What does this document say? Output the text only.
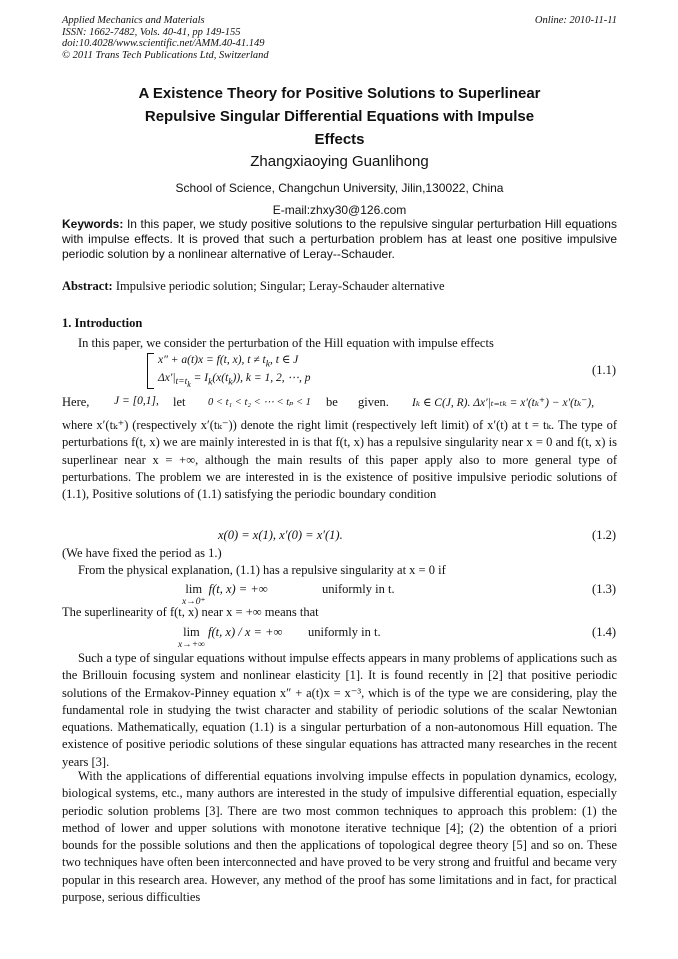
Applied Mechanics and Materials
ISSN: 1662-7482, Vols. 40-41, pp 149-155
doi:10.4028/www.scientific.net/AMM.40-41.149
© 2011 Trans Tech Publications Ltd, Switzerland
Online: 2010-11-11
A Existence Theory for Positive Solutions to Superlinear
Repulsive Singular Differential Equations with Impulse
Effects
Zhangxiaoying Guanlihong
School of Science, Changchun University, Jilin,130022, China
E-mail:zhxy30@126.com
Keywords: In this paper, we study positive solutions to the repulsive singular perturbation Hill equations with impulse effects. It is proved that such a perturbation problem has at least one positive impulsive periodic solution by a nonlinear alternative of Leray--Schauder.
Abstract: Impulsive periodic solution; Singular; Leray-Schauder alternative
1. Introduction
In this paper, we consider the perturbation of the Hill equation with impulse effects
x″ + a(t)x = f(t, x), $t \ne t_k$, t ∈ J
$\Delta x'|_{t=t_k} = I_k(x(t_k))$, k = 1, 2, ⋯, p
(1.1)
Here, J = [0,1], let 0 < t₁ < t₂ < ⋯ < tₚ < 1 be given. Iₖ ∈ C(J, R). Δx′|ₜ₌ₜₖ = x′(tₖ⁺) − x′(tₖ⁻),
where x′(tₖ⁺) (respectively x′(tₖ⁻)) denote the right limit (respectively left limit) of x′(t) at t = tₖ. The type of perturbations f(t, x) we are mainly interested in is that f(t, x) has a repulsive singularity near x = 0 and f(t, x) is superlinear near x = +∞, although the main results of this paper apply also to more general type of perturbations. The problem we are interested in is the existence of positive impulsive periodic solutions of (1.1), Positive solutions of (1.1) satisfying the periodic boundary condition
x(0) = x(1), x′(0) = x′(1).	(1.2)
(We have fixed the period as 1.)
From the physical explanation, (1.1) has a repulsive singularity at x = 0 if
lim
$^{x\to 0^+}$ f(t, x) = +∞	uniformly in t.	(1.3)
The superlinearity of f(t, x) near x = +∞ means that
lim
$^{x\to+\infty}$ f(t, x) / x = +∞ uniformly in t.	(1.4)
Such a type of singular equations without impulse effects appears in many problems of applications such as the Brillouin focusing system and nonlinear elasticity [1]. It is found recently in [2] that positive periodic solutions of the Ermakov-Pinney equation x″ + a(t)x = x⁻³, which is of the type we are considering, play the fundamental role in studying the twist character and stability of periodic solutions of the scalar Newtonian equations. Mathematically, equation (1.1) is a singular perturbation of a non-autonomous Hill equation. The existence of positive periodic solutions of these singular equations has attracted many researches in the recent years [3].
With the applications of differential equations involving impulse effects in population dynamics, ecology, biological systems, etc., many authors are interested in the study of impulsive differential equation, especially periodic solution problems [3]. There are two most common techniques to approach this problem: (1) the method of lower and upper solutions with monotone iterative technique [4]; (2) the obtention of a priori bounds for the possible solutions and then the applications of topological degree theory [5] and so on. These two techniques have often been interconnected and have proved to be very strong and fruitful and became very popular in this research area. However, any method of the proof has some limitations and in fact, for practical purpose, serious difficulties
